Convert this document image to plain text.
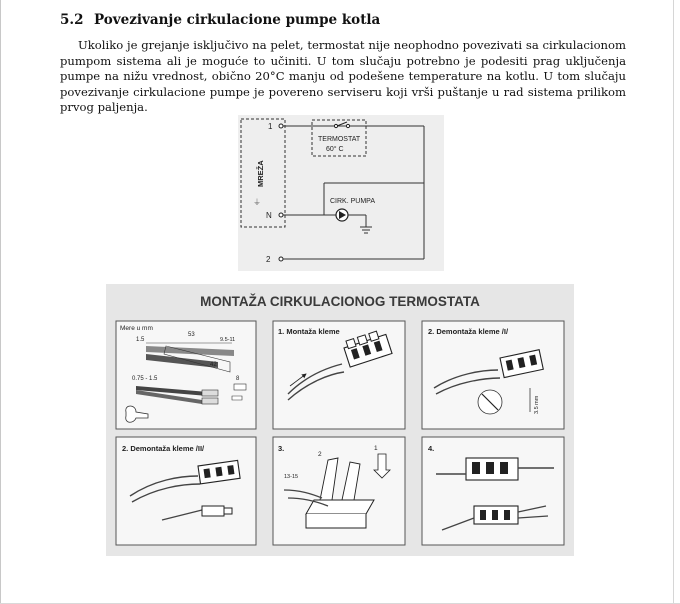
5.2 Povezivanje cirkulacione pumpe kotla
Ukoliko je grejanje isključivo na pelet, termostat nije neophodno povezivati sa cirkulacionom pumpom sistema ali je moguće to učiniti. U tom slučaju potrebno je podesiti prag uključenja pumpe na nižu vrednost, obično 20°C manju od podešene temperature na kotlu. U tom slučaju povezivanje cirkulacione pumpe je povereno serviseru koji vrši puštanje u rad sistema prilikom prvog paljenja.
MREŽA
⏚
1
N
2
TERMOSTAT
60° C
CIRK. PUMPA
MONTAŽA CIRKULACIONOG TERMOSTATA
Mere u mm
1.5
53
9.5-11
42
0.75 - 1.5	8
1. Montaža kleme	2. Demontaža kleme /I/
3.5 mm
2. Demontaža kleme /II/	3.
2
1
13-15
4.
